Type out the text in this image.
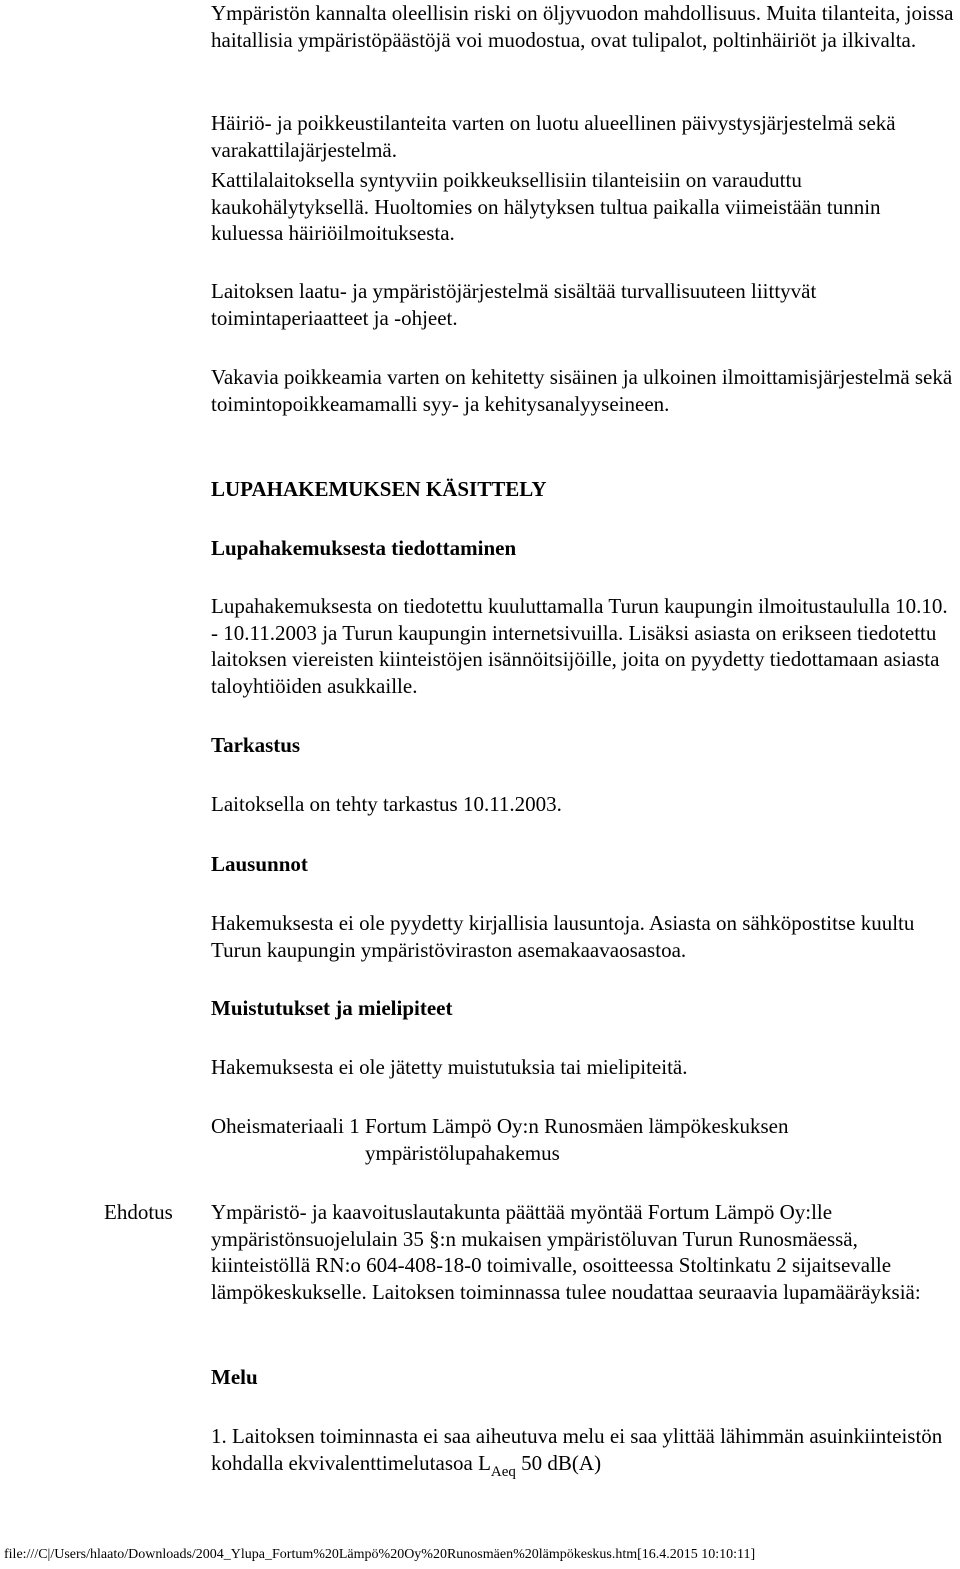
Ympäristön kannalta oleellisin riski on öljyvuodon mahdollisuus. Muita tilanteita, joissa haitallisia ympäristöpäästöjä voi muodostua, ovat tulipalot, poltinhäiriöt ja ilkivalta.

Häiriö- ja poikkeustilanteita varten on luotu alueellinen päivystysjärjestelmä sekä varakattilajärjestelmä.

Kattilalaitoksella syntyviin poikkeuksellisiin tilanteisiin on varauduttu kaukohälytyksellä. Huoltomies on hälytyksen tultua paikalla viimeistään tunnin kuluessa häiriöilmoituksesta.

Laitoksen laatu- ja ympäristöjärjestelmä sisältää turvallisuuteen liittyvät toimintaperiaatteet ja -ohjeet.

Vakavia poikkeamia varten on kehitetty sisäinen ja ulkoinen ilmoittamisjärjestelmä sekä toimintopoikkeamamalli syy- ja kehitysanalyyseineen.

LUPAHAKEMUKSEN KÄSITTELY

Lupahakemuksesta tiedottaminen

Lupahakemuksesta on tiedotettu kuuluttamalla Turun kaupungin ilmoitustaululla 10.10. - 10.11.2003 ja Turun kaupungin internetsivuilla. Lisäksi asiasta on erikseen tiedotettu laitoksen viereisten kiinteistöjen isännöitsijöille, joita on pyydetty tiedottamaan asiasta taloyhtiöiden asukkaille.

Tarkastus

Laitoksella on tehty tarkastus 10.11.2003.

Lausunnot

Hakemuksesta ei ole pyydetty kirjallisia lausuntoja. Asiasta on sähköpostitse kuultu Turun kaupungin ympäristöviraston asemakaavaosastoa.

Muistutukset ja mielipiteet

Hakemuksesta ei ole jätetty muistutuksia tai mielipiteitä.

Oheismateriaali 1 Fortum Lämpö Oy:n Runosmäen lämpökeskuksen ympäristölupahakemus

Ehdotus Ympäristö- ja kaavoituslautakunta päättää myöntää Fortum Lämpö Oy:lle ympäristönsuojelulain 35 §:n mukaisen ympäristöluvan Turun Runosmäessä, kiinteistöllä RN:o 604-408-18-0 toimivalle, osoitteessa Stoltinkatu 2 sijaitsevalle lämpökeskukselle. Laitoksen toiminnassa tulee noudattaa seuraavia lupamääräyksiä:

Melu

1. Laitoksen toiminnasta ei saa aiheutuva melu ei saa ylittää lähimmän asuinkiinteistön kohdalla ekvivalenttimelutasoa $L_{Aeq}$ 50 dB(A)

file:///C|/Users/hlaato/Downloads/2004_Ylupa_Fortum%20Lämpö%20Oy%20Runosmäen%20lämpökeskus.htm[16.4.2015 10:10:11]
